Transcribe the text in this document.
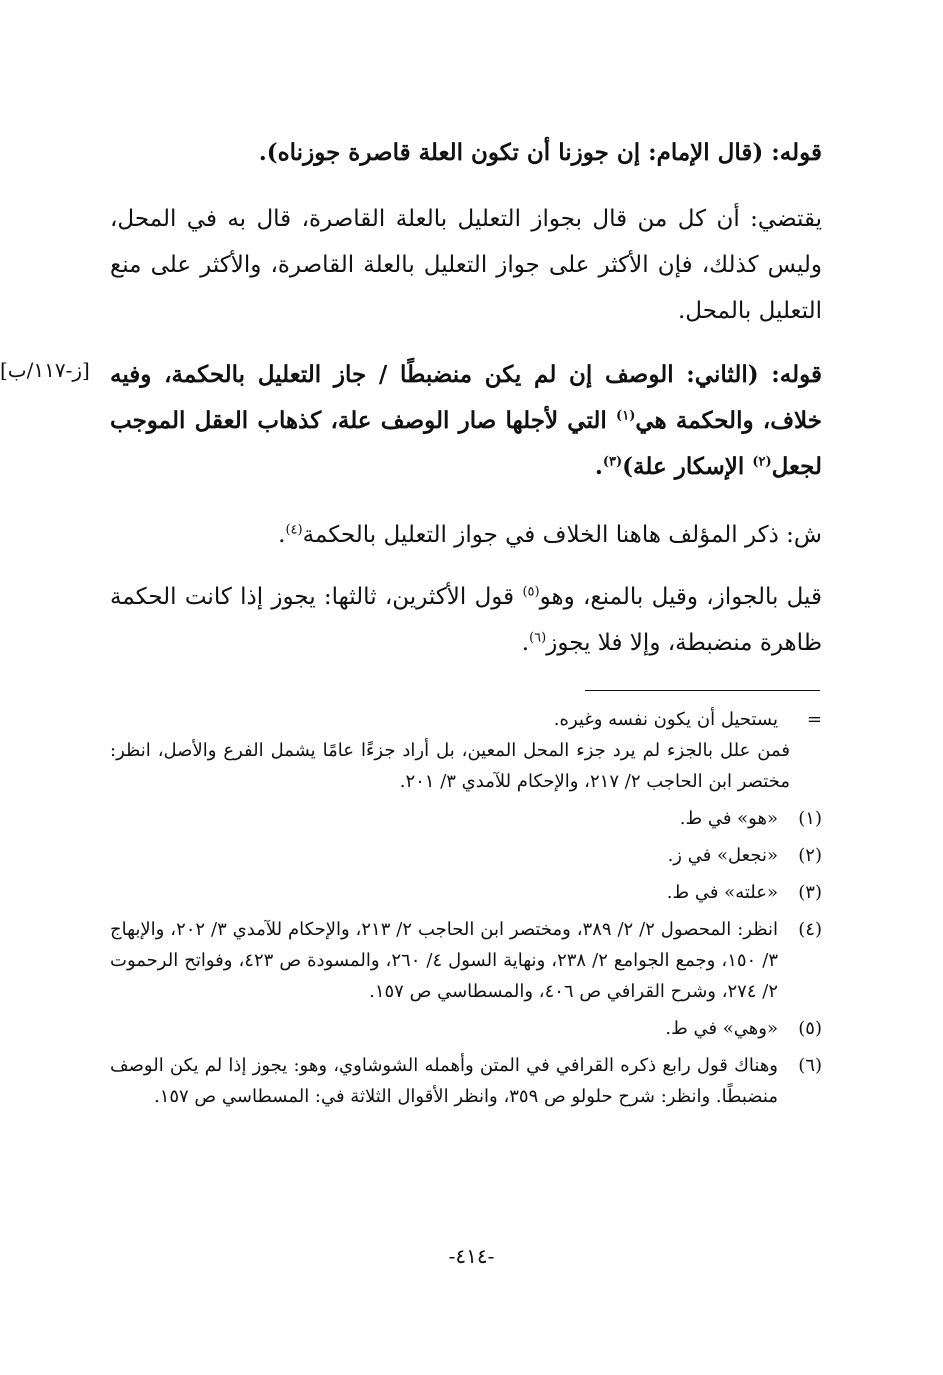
[ز-١١٧/ب]

قوله: (قال الإمام: إن جوزنا أن تكون العلة قاصرة جوزناه).

يقتضي: أن كل من قال بجواز التعليل بالعلة القاصرة، قال به في المحل، وليس كذلك، فإن الأكثر على جواز التعليل بالعلة القاصرة، والأكثر على منع التعليل بالمحل.

قوله: (الثاني: الوصف إن لم يكن منضبطًا / جاز التعليل بالحكمة، وفيه خلاف، والحكمة هي$^{(١)}$ التي لأجلها صار الوصف علة، كذهاب العقل الموجب لجعل$^{(٢)}$ الإسكار علة)$^{(٣)}$.

ش: ذكر المؤلف هاهنا الخلاف في جواز التعليل بالحكمة$^{(٤)}$.

قيل بالجواز، وقيل بالمنع، وهو$^{(٥)}$ قول الأكثرين، ثالثها: يجوز إذا كانت الحكمة ظاهرة منضبطة، وإلا فلا يجوز$^{(٦)}$.

=
يستحيل أن يكون نفسه وغيره.
فمن علل بالجزء لم يرد جزء المحل المعين، بل أراد جزءًا عامًا يشمل الفرع والأصل، انظر: مختصر ابن الحاجب ٢/ ٢١٧، والإحكام للآمدي ٣/ ٢٠١.
(١)
«هو» في ط.
(٢)
«نجعل» في ز.
(٣)
«علته» في ط.
(٤)
انظر: المحصول ٢/ ٢/ ٣٨٩، ومختصر ابن الحاجب ٢/ ٢١٣، والإحكام للآمدي ٣/ ٢٠٢، والإبهاج ٣/ ١٥٠، وجمع الجوامع ٢/ ٢٣٨، ونهاية السول ٤/ ٢٦٠، والمسودة ص ٤٢٣، وفواتح الرحموت ٢/ ٢٧٤، وشرح القرافي ص ٤٠٦، والمسطاسي ص ١٥٧.
(٥)
«وهي» في ط.
(٦)
وهناك قول رابع ذكره القرافي في المتن وأهمله الشوشاوي، وهو: يجوز إذا لم يكن الوصف منضبطًا. وانظر: شرح حلولو ص ٣٥٩، وانظر الأقوال الثلاثة في: المسطاسي ص ١٥٧.
-٤١٤-
